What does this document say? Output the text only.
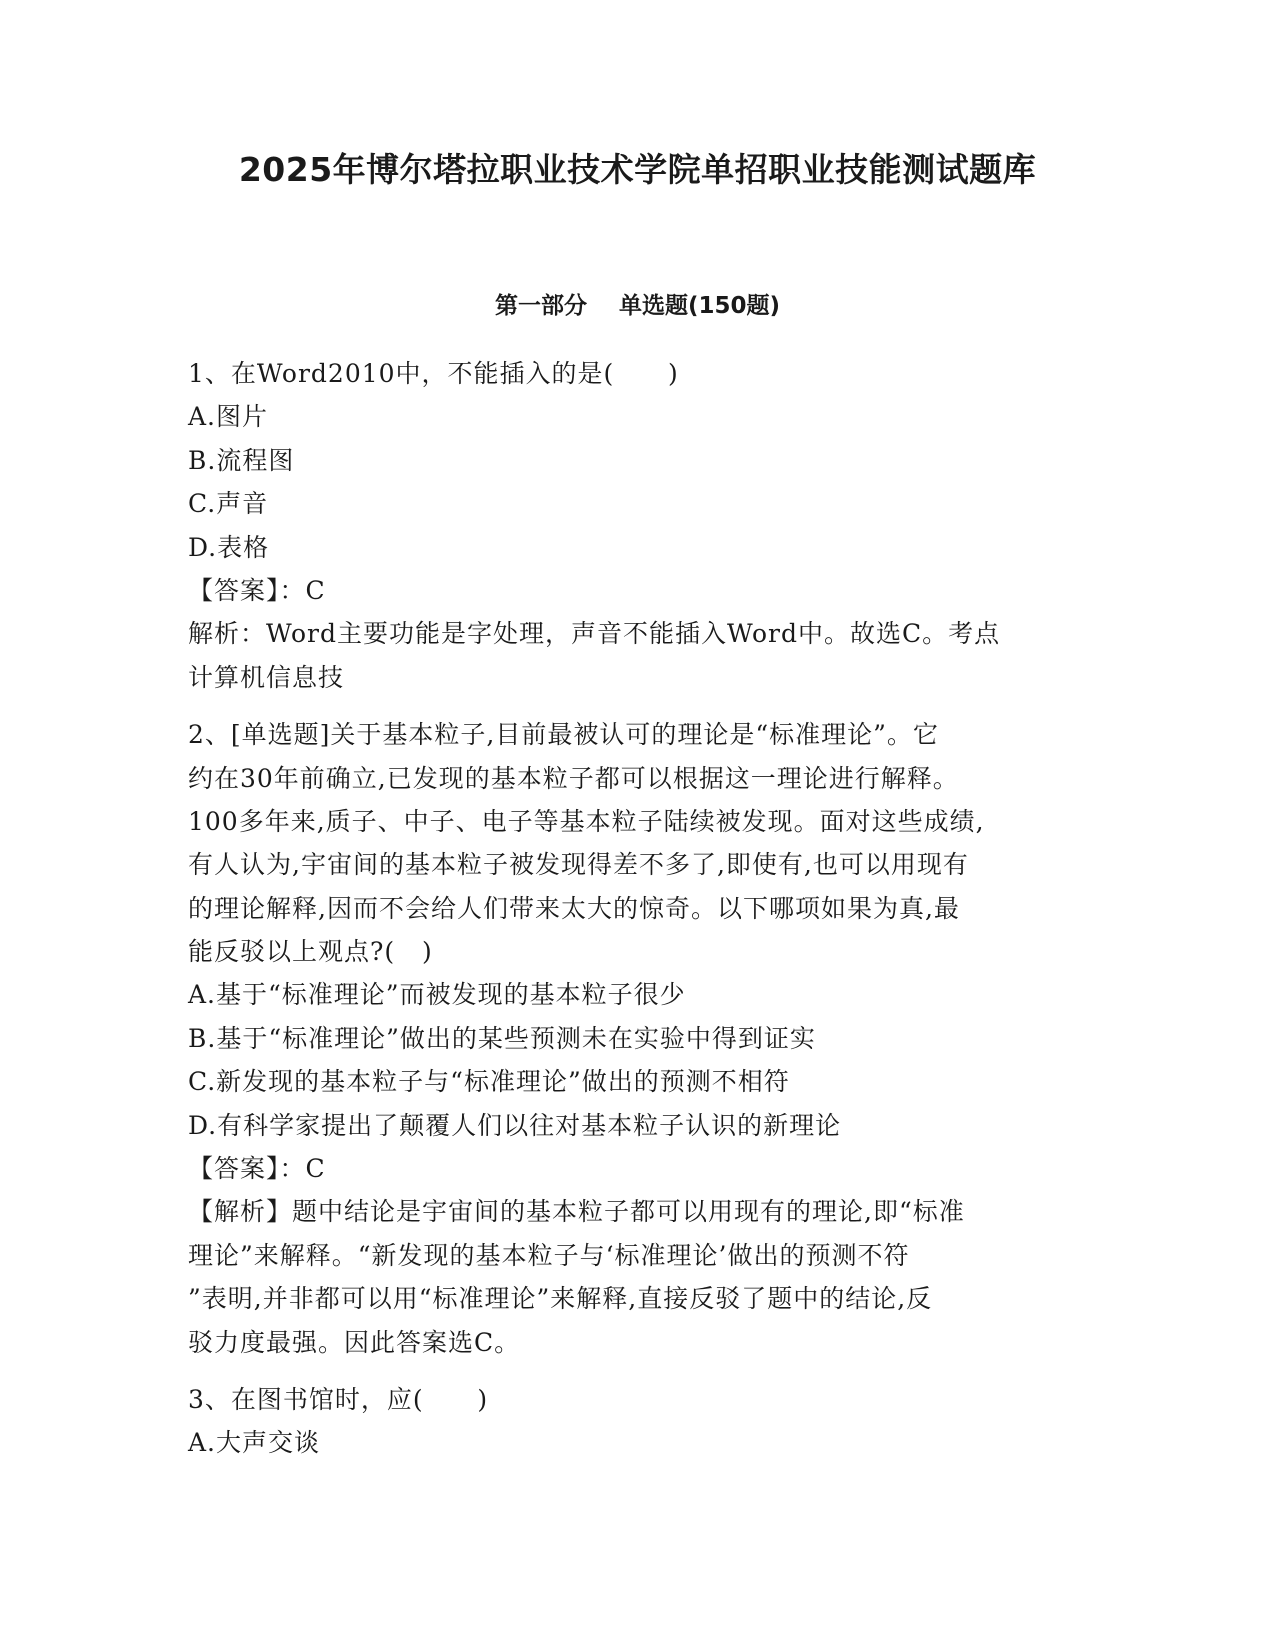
2025年博尔塔拉职业技术学院单招职业技能测试题库
第一部分    单选题(150题)
1、在Word2010中，不能插入的是(      )
A.图片
B.流程图
C.声音
D.表格
【答案】：C
解析：Word主要功能是字处理，声音不能插入Word中。故选C。考点
计算机信息技
2、[单选题]关于基本粒子,目前最被认可的理论是“标准理论”。它
约在30年前确立,已发现的基本粒子都可以根据这一理论进行解释。
100多年来,质子、中子、电子等基本粒子陆续被发现。面对这些成绩,
有人认为,宇宙间的基本粒子被发现得差不多了,即使有,也可以用现有
的理论解释,因而不会给人们带来太大的惊奇。以下哪项如果为真,最
能反驳以上观点?(   )
A.基于“标准理论”而被发现的基本粒子很少
B.基于“标准理论”做出的某些预测未在实验中得到证实
C.新发现的基本粒子与“标准理论”做出的预测不相符
D.有科学家提出了颠覆人们以往对基本粒子认识的新理论
【答案】：C
【解析】题中结论是宇宙间的基本粒子都可以用现有的理论,即“标准
理论”来解释。“新发现的基本粒子与‘标准理论’做出的预测不符
”表明,并非都可以用“标准理论”来解释,直接反驳了题中的结论,反
驳力度最强。因此答案选C。
3、在图书馆时，应(      )
A.大声交谈
